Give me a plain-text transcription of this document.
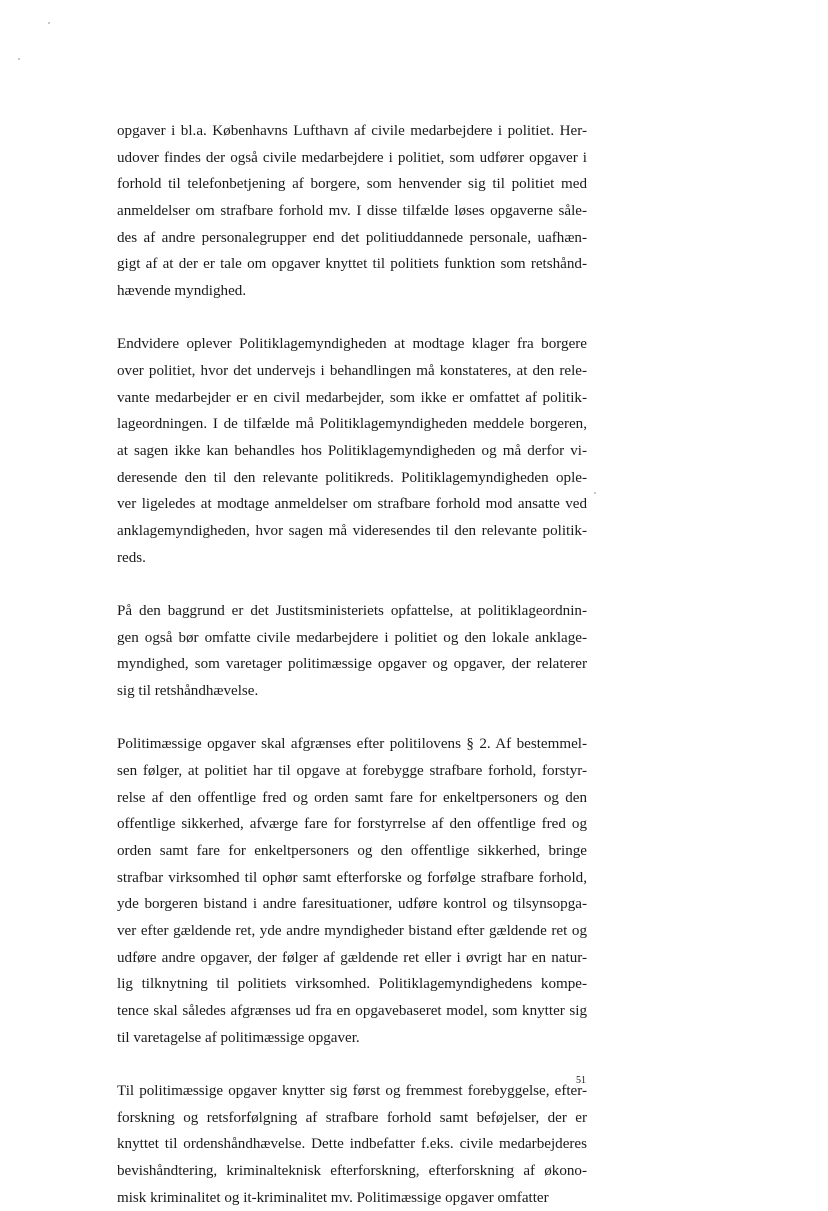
opgaver i bl.a. Københavns Lufthavn af civile medarbejdere i politiet. Her-
udover findes der også civile medarbejdere i politiet, som udfører opgaver i
forhold til telefonbetjening af borgere, som henvender sig til politiet med
anmeldelser om strafbare forhold mv. I disse tilfælde løses opgaverne såle-
des af andre personalegrupper end det politiuddannede personale, uafhæn-
gigt af at der er tale om opgaver knyttet til politiets funktion som retshånd-
hævende myndighed.
Endvidere oplever Politiklagemyndigheden at modtage klager fra borgere
over politiet, hvor det undervejs i behandlingen må konstateres, at den rele-
vante medarbejder er en civil medarbejder, som ikke er omfattet af politik-
lageordningen. I de tilfælde må Politiklagemyndigheden meddele borgeren,
at sagen ikke kan behandles hos Politiklagemyndigheden og må derfor vi-
deresende den til den relevante politikreds. Politiklagemyndigheden ople-
ver ligeledes at modtage anmeldelser om strafbare forhold mod ansatte ved
anklagemyndigheden, hvor sagen må videresendes til den relevante politik-
reds.
På den baggrund er det Justitsministeriets opfattelse, at politiklageordnin-
gen også bør omfatte civile medarbejdere i politiet og den lokale anklage-
myndighed, som varetager politimæssige opgaver og opgaver, der relaterer
sig til retshåndhævelse.
Politimæssige opgaver skal afgrænses efter politilovens § 2. Af bestemmel-
sen følger, at politiet har til opgave at forebygge strafbare forhold, forstyr-
relse af den offentlige fred og orden samt fare for enkeltpersoners og den
offentlige sikkerhed, afværge fare for forstyrrelse af den offentlige fred og
orden samt fare for enkeltpersoners og den offentlige sikkerhed, bringe
strafbar virksomhed til ophør samt efterforske og forfølge strafbare forhold,
yde borgeren bistand i andre faresituationer, udføre kontrol og tilsynsopga-
ver efter gældende ret, yde andre myndigheder bistand efter gældende ret og
udføre andre opgaver, der følger af gældende ret eller i øvrigt har en natur-
lig tilknytning til politiets virksomhed. Politiklagemyndighedens kompe-
tence skal således afgrænses ud fra en opgavebaseret model, som knytter sig
til varetagelse af politimæssige opgaver.
Til politimæssige opgaver knytter sig først og fremmest forebyggelse, efter-
forskning og retsforfølgning af strafbare forhold samt beføjelser, der er
knyttet til ordenshåndhævelse. Dette indbefatter f.eks. civile medarbejderes
bevishåndtering, kriminalteknisk efterforskning, efterforskning af økono-
misk kriminalitet og it-kriminalitet mv. Politimæssige opgaver omfatter
51
